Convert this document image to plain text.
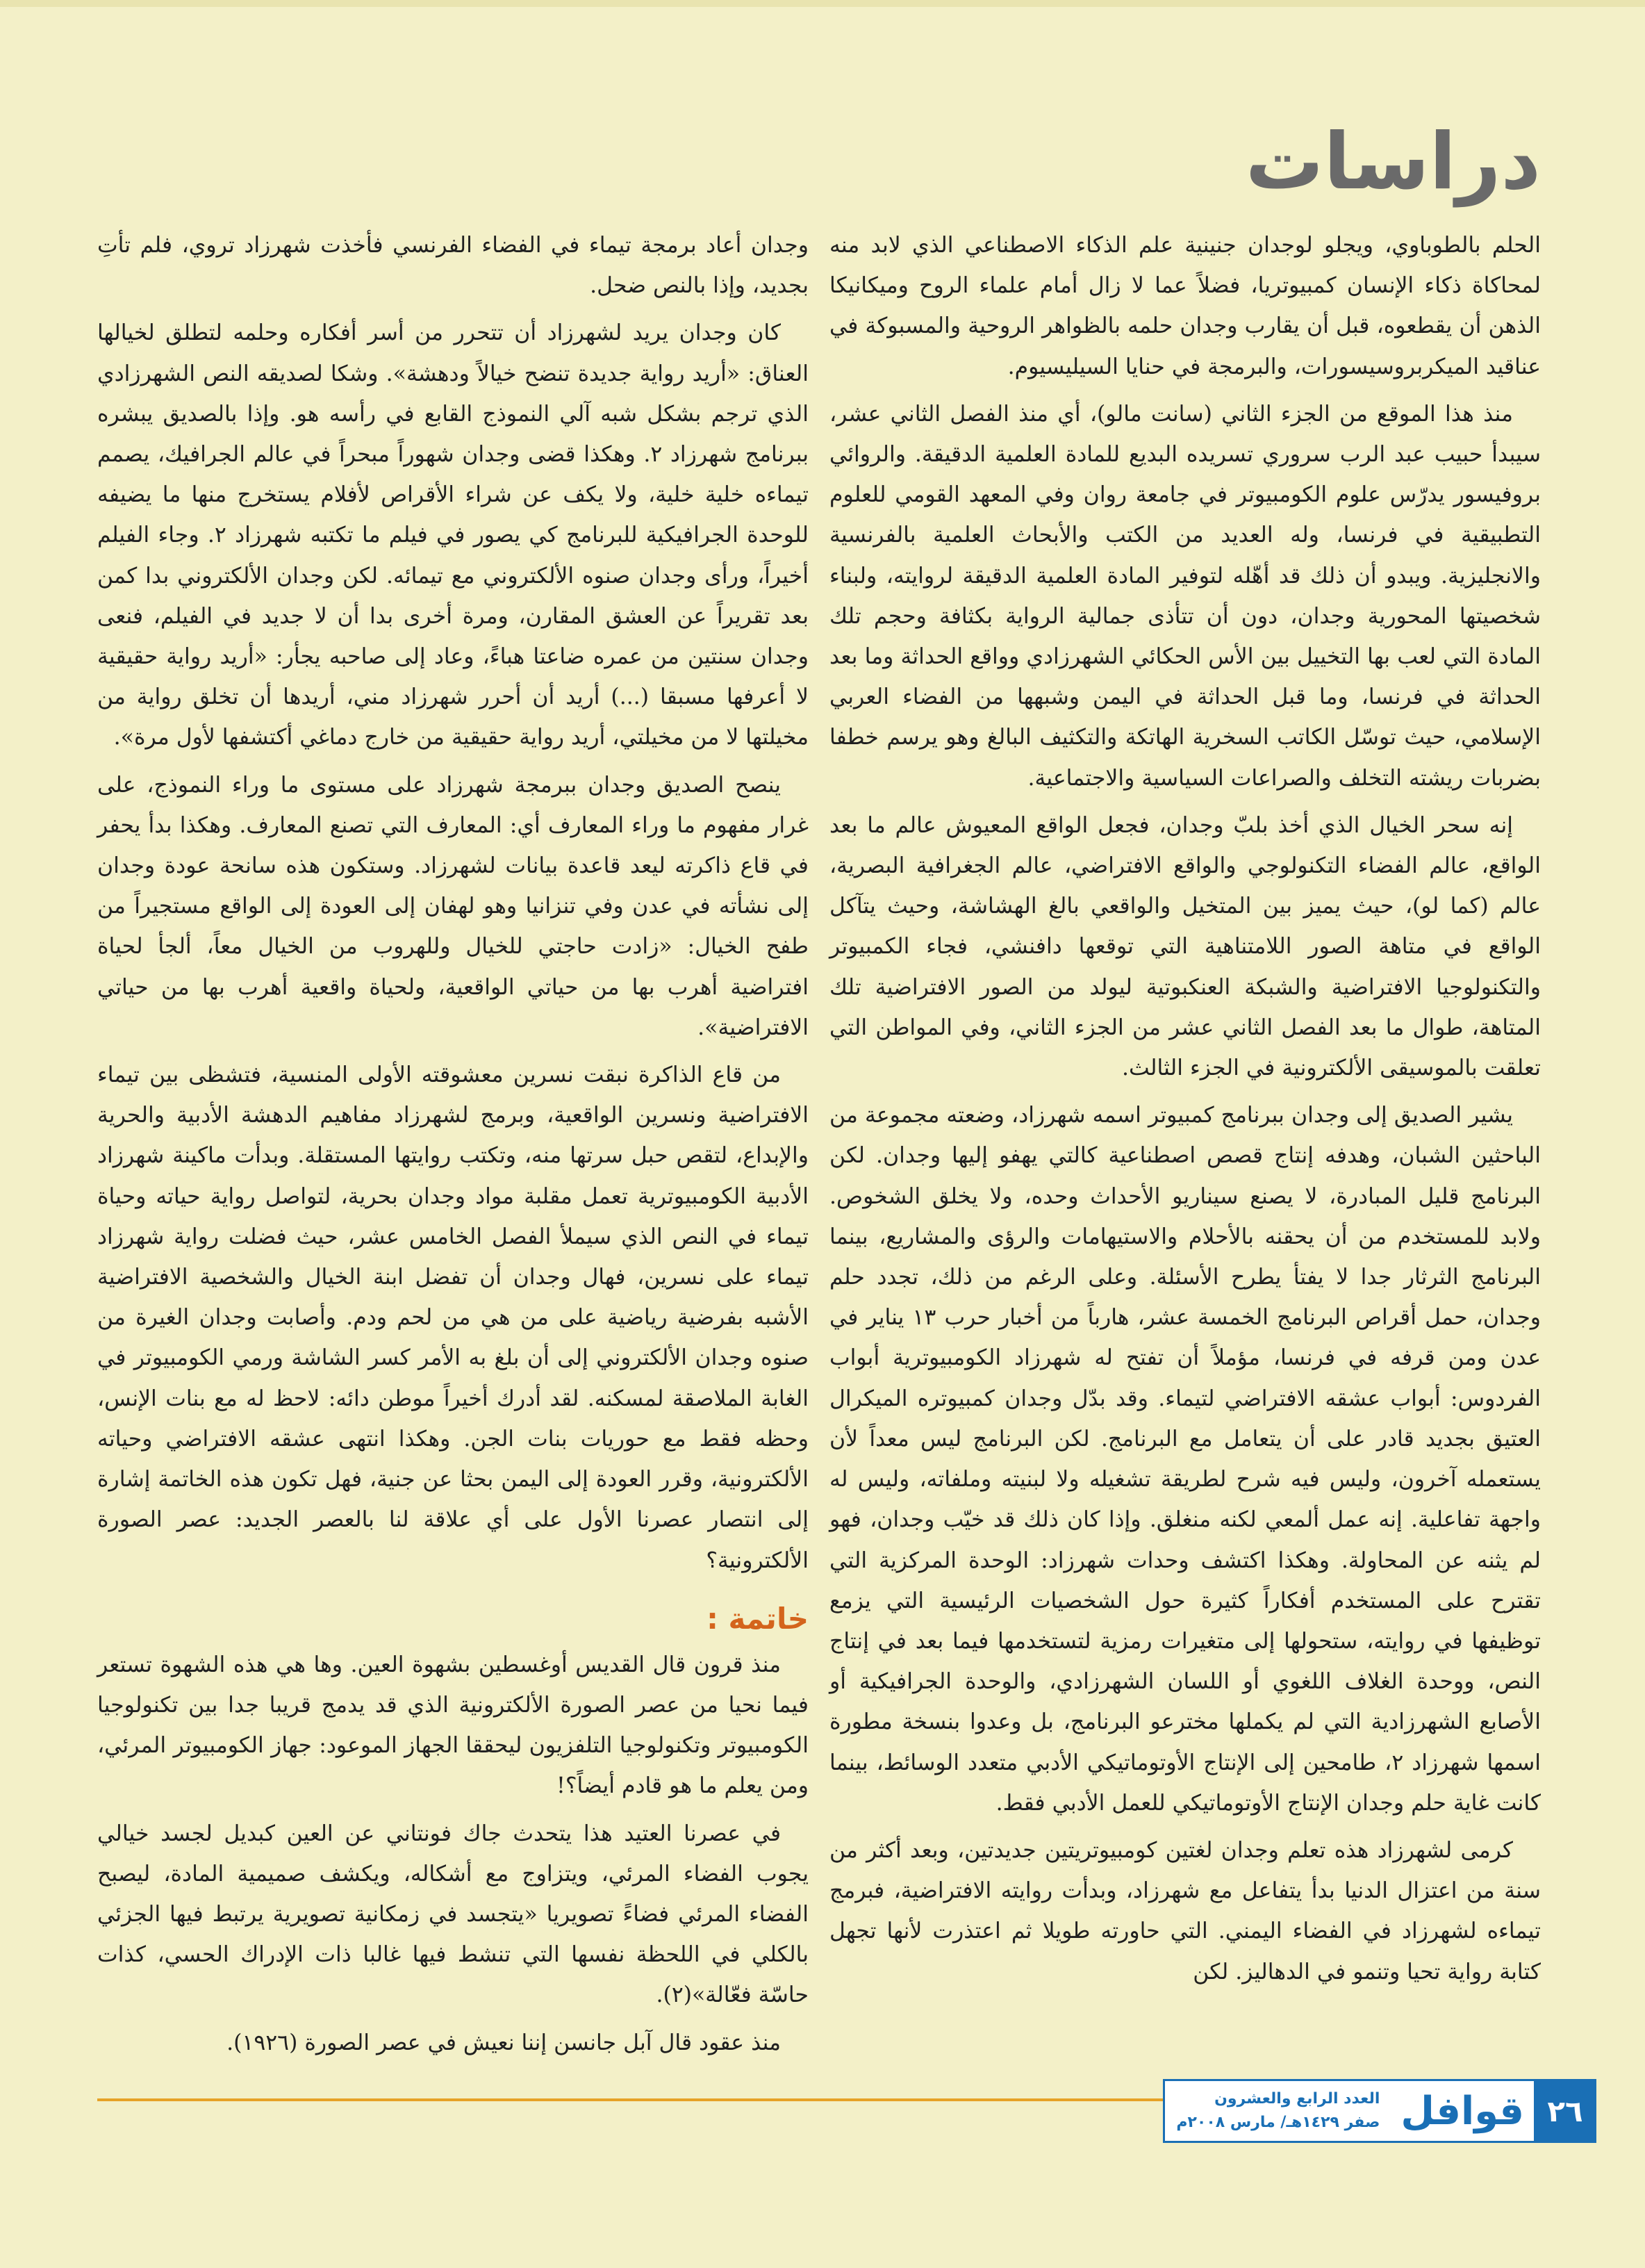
دراسات

الحلم بالطوباوي، ويجلو لوجدان جنينية علم الذكاء الاصطناعي الذي لابد منه لمحاكاة ذكاء الإنسان كمبيوتريا، فضلاً عما لا زال أمام علماء الروح وميكانيكا الذهن أن يقطعوه، قبل أن يقارب وجدان حلمه بالظواهر الروحية والمسبوكة في عناقيد الميكربروسيسورات، والبرمجة في حنايا السيليسيوم.

منذ هذا الموقع من الجزء الثاني (سانت مالو)، أي منذ الفصل الثاني عشر، سيبدأ حبيب عبد الرب سروري تسريده البديع للمادة العلمية الدقيقة. والروائي بروفيسور يدرّس علوم الكومبيوتر في جامعة روان وفي المعهد القومي للعلوم التطبيقية في فرنسا، وله العديد من الكتب والأبحاث العلمية بالفرنسية والانجليزية. ويبدو أن ذلك قد أهّله لتوفير المادة العلمية الدقيقة لروايته، ولبناء شخصيتها المحورية وجدان، دون أن تتأذى جمالية الرواية بكثافة وحجم تلك المادة التي لعب بها التخييل بين الأس الحكائي الشهرزادي وواقع الحداثة وما بعد الحداثة في فرنسا، وما قبل الحداثة في اليمن وشبهها من الفضاء العربي الإسلامي، حيث توسّل الكاتب السخرية الهاتكة والتكثيف البالغ وهو يرسم خطفا بضربات ريشته التخلف والصراعات السياسية والاجتماعية.

إنه سحر الخيال الذي أخذ بلبّ وجدان، فجعل الواقع المعيوش عالم ما بعد الواقع، عالم الفضاء التكنولوجي والواقع الافتراضي، عالم الجغرافية البصرية، عالم (كما لو)، حيث يميز بين المتخيل والواقعي بالغ الهشاشة، وحيث يتآكل الواقع في متاهة الصور اللامتناهية التي توقعها دافنشي، فجاء الكمبيوتر والتكنولوجيا الافتراضية والشبكة العنكبوتية ليولد من الصور الافتراضية تلك المتاهة، طوال ما بعد الفصل الثاني عشر من الجزء الثاني، وفي المواطن التي تعلقت بالموسيقى الألكترونية في الجزء الثالث.

يشير الصديق إلى وجدان ببرنامج كمبيوتر اسمه شهرزاد، وضعته مجموعة من الباحثين الشبان، وهدفه إنتاج قصص اصطناعية كالتي يهفو إليها وجدان. لكن البرنامج قليل المبادرة، لا يصنع سيناريو الأحداث وحده، ولا يخلق الشخوص. ولابد للمستخدم من أن يحقنه بالأحلام والاستيهامات والرؤى والمشاريع، بينما البرنامج الثرثار جدا لا يفتأ يطرح الأسئلة. وعلى الرغم من ذلك، تجدد حلم وجدان، حمل أقراص البرنامج الخمسة عشر، هارباً من أخبار حرب ١٣ يناير في عدن ومن قرفه في فرنسا، مؤملاً أن تفتح له شهرزاد الكومبيوترية أبواب الفردوس: أبواب عشقه الافتراضي لتيماء. وقد بدّل وجدان كمبيوتره الميكرال العتيق بجديد قادر على أن يتعامل مع البرنامج. لكن البرنامج ليس معداً لأن يستعمله آخرون، وليس فيه شرح لطريقة تشغيله ولا لبنيته وملفاته، وليس له واجهة تفاعلية. إنه عمل ألمعي لكنه منغلق. وإذا كان ذلك قد خيّب وجدان، فهو لم يثنه عن المحاولة. وهكذا اكتشف وحدات شهرزاد: الوحدة المركزية التي تقترح على المستخدم أفكاراً كثيرة حول الشخصيات الرئيسية التي يزمع توظيفها في روايته، ستحولها إلى متغيرات رمزية لتستخدمها فيما بعد في إنتاج النص، ووحدة الغلاف اللغوي أو اللسان الشهرزادي، والوحدة الجرافيكية أو الأصابع الشهرزادية التي لم يكملها مخترعو البرنامج، بل وعدوا بنسخة مطورة اسمها شهرزاد ٢، طامحين إلى الإنتاج الأوتوماتيكي الأدبي متعدد الوسائط، بينما كانت غاية حلم وجدان الإنتاج الأوتوماتيكي للعمل الأدبي فقط.

كرمى لشهرزاد هذه تعلم وجدان لغتين كومبيوتريتين جديدتين، وبعد أكثر من سنة من اعتزال الدنيا بدأ يتفاعل مع شهرزاد، وبدأت روايته الافتراضية، فبرمج تيماءه لشهرزاد في الفضاء اليمني. التي حاورته طويلا ثم اعتذرت لأنها تجهل كتابة رواية تحيا وتنمو في الدهاليز. لكن

وجدان أعاد برمجة تيماء في الفضاء الفرنسي فأخذت شهرزاد تروي، فلم تأتِ بجديد، وإذا بالنص ضحل.

كان وجدان يريد لشهرزاد أن تتحرر من أسر أفكاره وحلمه لتطلق لخيالها العناق: «أريد رواية جديدة تنضح خيالاً ودهشة». وشكا لصديقه النص الشهرزادي الذي ترجم بشكل شبه آلي النموذج القابع في رأسه هو. وإذا بالصديق يبشره ببرنامج شهرزاد ٢. وهكذا قضى وجدان شهوراً مبحراً في عالم الجرافيك، يصمم تيماءه خلية خلية، ولا يكف عن شراء الأقراص لأفلام يستخرج منها ما يضيفه للوحدة الجرافيكية للبرنامج كي يصور في فيلم ما تكتبه شهرزاد ٢. وجاء الفيلم أخيراً، ورأى وجدان صنوه الألكتروني مع تيمائه. لكن وجدان الألكتروني بدا كمن بعد تقريراً عن العشق المقارن، ومرة أخرى بدا أن لا جديد في الفيلم، فنعى وجدان سنتين من عمره ضاعتا هباءً، وعاد إلى صاحبه يجأر: «أريد رواية حقيقية لا أعرفها مسبقا (...) أريد أن أحرر شهرزاد مني، أريدها أن تخلق رواية من مخيلتها لا من مخيلتي، أريد رواية حقيقية من خارج دماغي أكتشفها لأول مرة».

ينصح الصديق وجدان ببرمجة شهرزاد على مستوى ما وراء النموذج، على غرار مفهوم ما وراء المعارف أي: المعارف التي تصنع المعارف. وهكذا بدأ يحفر في قاع ذاكرته ليعد قاعدة بيانات لشهرزاد. وستكون هذه سانحة عودة وجدان إلى نشأته في عدن وفي تنزانيا وهو لهفان إلى العودة إلى الواقع مستجيراً من طفح الخيال: «زادت حاجتي للخيال وللهروب من الخيال معاً، ألجأ لحياة افتراضية أهرب بها من حياتي الواقعية، ولحياة واقعية أهرب بها من حياتي الافتراضية».

من قاع الذاكرة نبقت نسرين معشوقته الأولى المنسية، فتشظى بين تيماء الافتراضية ونسرين الواقعية، وبرمج لشهرزاد مفاهيم الدهشة الأدبية والحرية والإبداع، لتقص حبل سرتها منه، وتكتب روايتها المستقلة. وبدأت ماكينة شهرزاد الأدبية الكومبيوترية تعمل مقلبة مواد وجدان بحرية، لتواصل رواية حياته وحياة تيماء في النص الذي سيملأ الفصل الخامس عشر، حيث فضلت رواية شهرزاد تيماء على نسرين، فهال وجدان أن تفضل ابنة الخيال والشخصية الافتراضية الأشبه بفرضية رياضية على من هي من لحم ودم. وأصابت وجدان الغيرة من صنوه وجدان الألكتروني إلى أن بلغ به الأمر كسر الشاشة ورمي الكومبيوتر في الغابة الملاصقة لمسكنه. لقد أدرك أخيراً موطن دائه: لاحظ له مع بنات الإنس، وحظه فقط مع حوريات بنات الجن. وهكذا انتهى عشقه الافتراضي وحياته الألكترونية، وقرر العودة إلى اليمن بحثا عن جنية، فهل تكون هذه الخاتمة إشارة إلى انتصار عصرنا الأول على أي علاقة لنا بالعصر الجديد: عصر الصورة الألكترونية؟

خاتمة :

منذ قرون قال القديس أوغسطين بشهوة العين. وها هي هذه الشهوة تستعر فيما نحيا من عصر الصورة الألكترونية الذي قد يدمج قريبا جدا بين تكنولوجيا الكومبيوتر وتكنولوجيا التلفزيون ليحققا الجهاز الموعود: جهاز الكومبيوتر المرئي، ومن يعلم ما هو قادم أيضاً؟!

في عصرنا العتيد هذا يتحدث جاك فونتاني عن العين كبديل لجسد خيالي يجوب الفضاء المرئي، ويتزاوج مع أشكاله، ويكشف صميمية المادة، ليصبح الفضاء المرئي فضاءً تصويريا «يتجسد في زمكانية تصويرية يرتبط فيها الجزئي بالكلي في اللحظة نفسها التي تنشط فيها غالبا ذات الإدراك الحسي، كذات حاسّة فعّالة»(٢).

منذ عقود قال آبل جانسن إننا نعيش في عصر الصورة (١٩٢٦).

٢٦
قوافل
العدد الرابع والعشرون
صفر ١٤٢٩هـ/ مارس ٢٠٠٨م
